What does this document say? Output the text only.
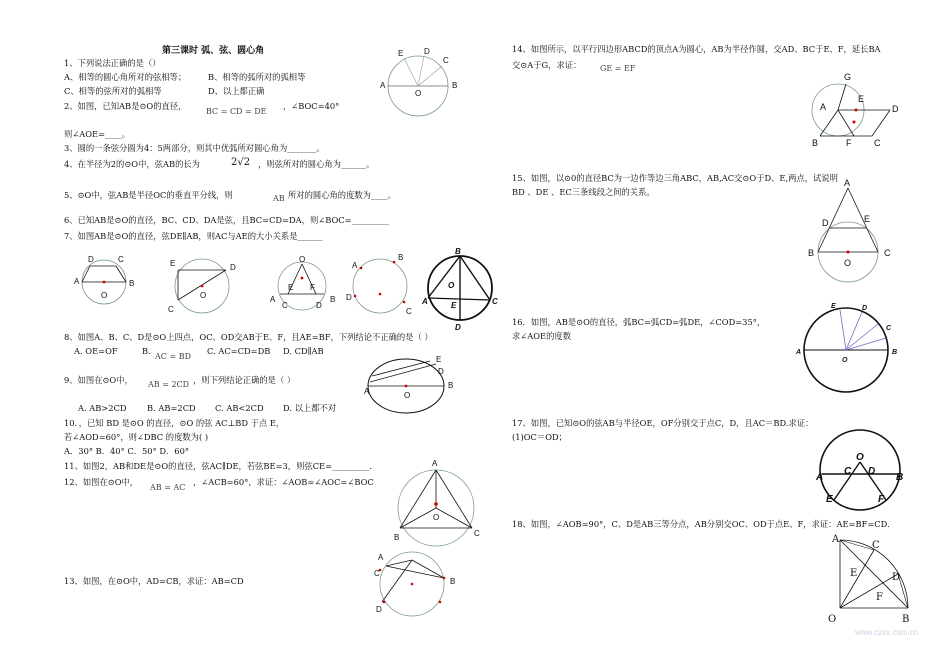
第三课时 弧、弦、圆心角
1、下列说法正确的是（）
A、相等的圆心角所对的弦相等；	B、相等的弧所对的弧相等
C、相等的弦所对的弧相等	D、以上都正确
2、如图，已知AB是⊙O的直径，
BC = CD = DE
，∠BOC=40°
则∠AOE=____。
3、圆的一条弦分圆为4：5两部分，则其中优弧所对圆心角为_______。
4、在半径为2的⊙O中，弦AB的长为	2√2 ，则弦所对的圆心角为______。
5、⊙O中，弦AB是半径OC的垂直平分线，则	AB 所对的圆心角的度数为____。
6、已知AB是⊙O的直径，BC、CD、DA是弦，且BC=CD=DA，则∠BOC=_________
7、如图AB是⊙O的直径，弦DE∥AB，则AC与AE的大小关系是______
8、如图A、B、C、D是⊙O上四点，OC、OD交AB于E、F，且AE=BF，下列结论不正确的是（ ）
A. OE=OF	B.
AC = BD
C. AC=CD=DB D. CD∥AB
9、如图在⊙O中， AB = 2CD ，则下列结论正确的是（ ）
A. AB>2CD B. AB=2CD C. AB<2CD D. 以上都不对
10．，已知 BD 是⊙O 的直径，⊙O 的弦 AC⊥BD 于点 E，
若∠AOD=60°，则∠DBC 的度数为( )
A．30° B．40° C．50° D．60°
11、如图2，AB和DE是⊙O的直径，弦AC∥DE，若弦BE=3，则弦CE=_________．
12、如图在⊙O中，
AB = AC
，∠ACB=60°，求证：∠AOB=∠AOC=∠BOC
13、如图，在⊙O中，AD=CB，求证：AB=CD
14、如图所示，以平行四边形ABCD的顶点A为圆心，AB为半径作圆，交AD、BC于E、F，延长BA
交⊙A于G，求证： GE = EF
15、如图，以⊙0的直径BC为一边作等边三角ABC，AB,AC交⊙O于D、E,两点，试说明
BD 、DE 、EC三条线段之间的关系。
16．如图，AB是⊙O的直径，弧BC=弧CD=弧DE，∠COD=35°，
求∠AOE的度数
17、如图，已知⊙O的弦AB与半径OE，OF分别交于点C，D，且AC＝BD.求证：
(1)OC＝OD；
18、如图，∠AOB=90°，C、D是AB三等分点，AB分别交OC、OD于点E、F，求证：AE=BF=CD.
www.czsx.com.cn
A
E	D
C
B
O
A
D	C
B
O
E	D
C
O
O
E F
A	B
C	D
A
B
D
C
B
O
A	C
E
D
E
A
B
D
O
A
O
B	C
A
C
B
D
G
A
E
D
B	F	C
A
D	E
B	C
O
E	D
C
A	B
O
O
A
C D
B
E	F
A
C
E	D
F
O	B
